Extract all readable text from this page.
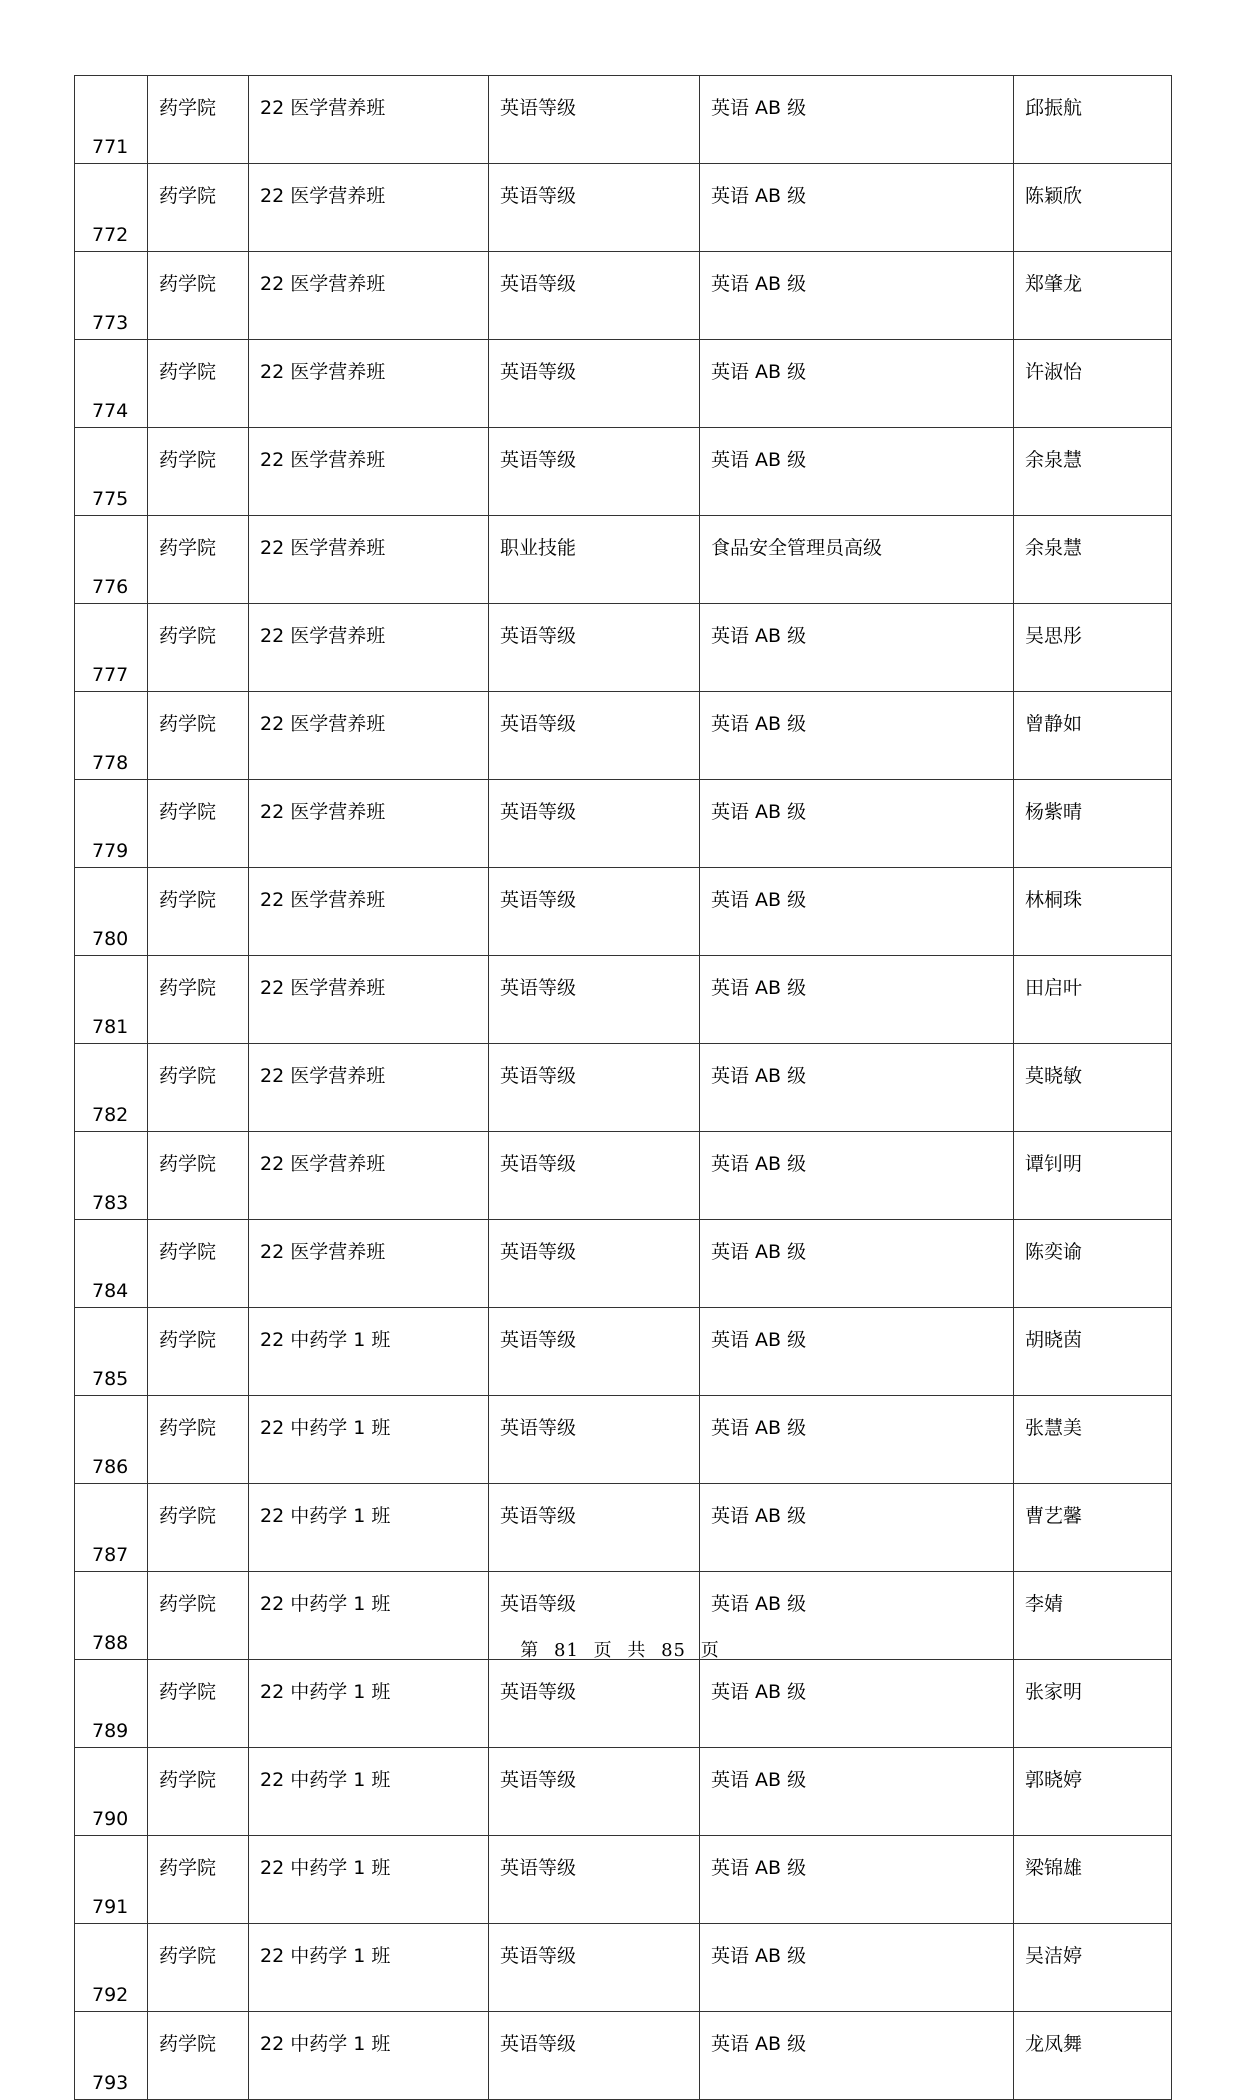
771	药学院	22 医学营养班	英语等级	英语 AB 级	邱振航
772	药学院	22 医学营养班	英语等级	英语 AB 级	陈颖欣
773	药学院	22 医学营养班	英语等级	英语 AB 级	郑肇龙
774	药学院	22 医学营养班	英语等级	英语 AB 级	许淑怡
775	药学院	22 医学营养班	英语等级	英语 AB 级	余泉慧
776	药学院	22 医学营养班	职业技能	食品安全管理员高级	余泉慧
777	药学院	22 医学营养班	英语等级	英语 AB 级	吴思彤
778	药学院	22 医学营养班	英语等级	英语 AB 级	曾静如
779	药学院	22 医学营养班	英语等级	英语 AB 级	杨紫晴
780	药学院	22 医学营养班	英语等级	英语 AB 级	林桐珠
781	药学院	22 医学营养班	英语等级	英语 AB 级	田启叶
782	药学院	22 医学营养班	英语等级	英语 AB 级	莫晓敏
783	药学院	22 医学营养班	英语等级	英语 AB 级	谭钊明
784	药学院	22 医学营养班	英语等级	英语 AB 级	陈奕谕
785	药学院	22 中药学 1 班	英语等级	英语 AB 级	胡晓茵
786	药学院	22 中药学 1 班	英语等级	英语 AB 级	张慧美
787	药学院	22 中药学 1 班	英语等级	英语 AB 级	曹艺馨
788	药学院	22 中药学 1 班	英语等级	英语 AB 级	李婧
789	药学院	22 中药学 1 班	英语等级	英语 AB 级	张家明
790	药学院	22 中药学 1 班	英语等级	英语 AB 级	郭晓婷
791	药学院	22 中药学 1 班	英语等级	英语 AB 级	梁锦雄
792	药学院	22 中药学 1 班	英语等级	英语 AB 级	吴洁婷
793	药学院	22 中药学 1 班	英语等级	英语 AB 级	龙凤舞
第 81 页 共 85 页
